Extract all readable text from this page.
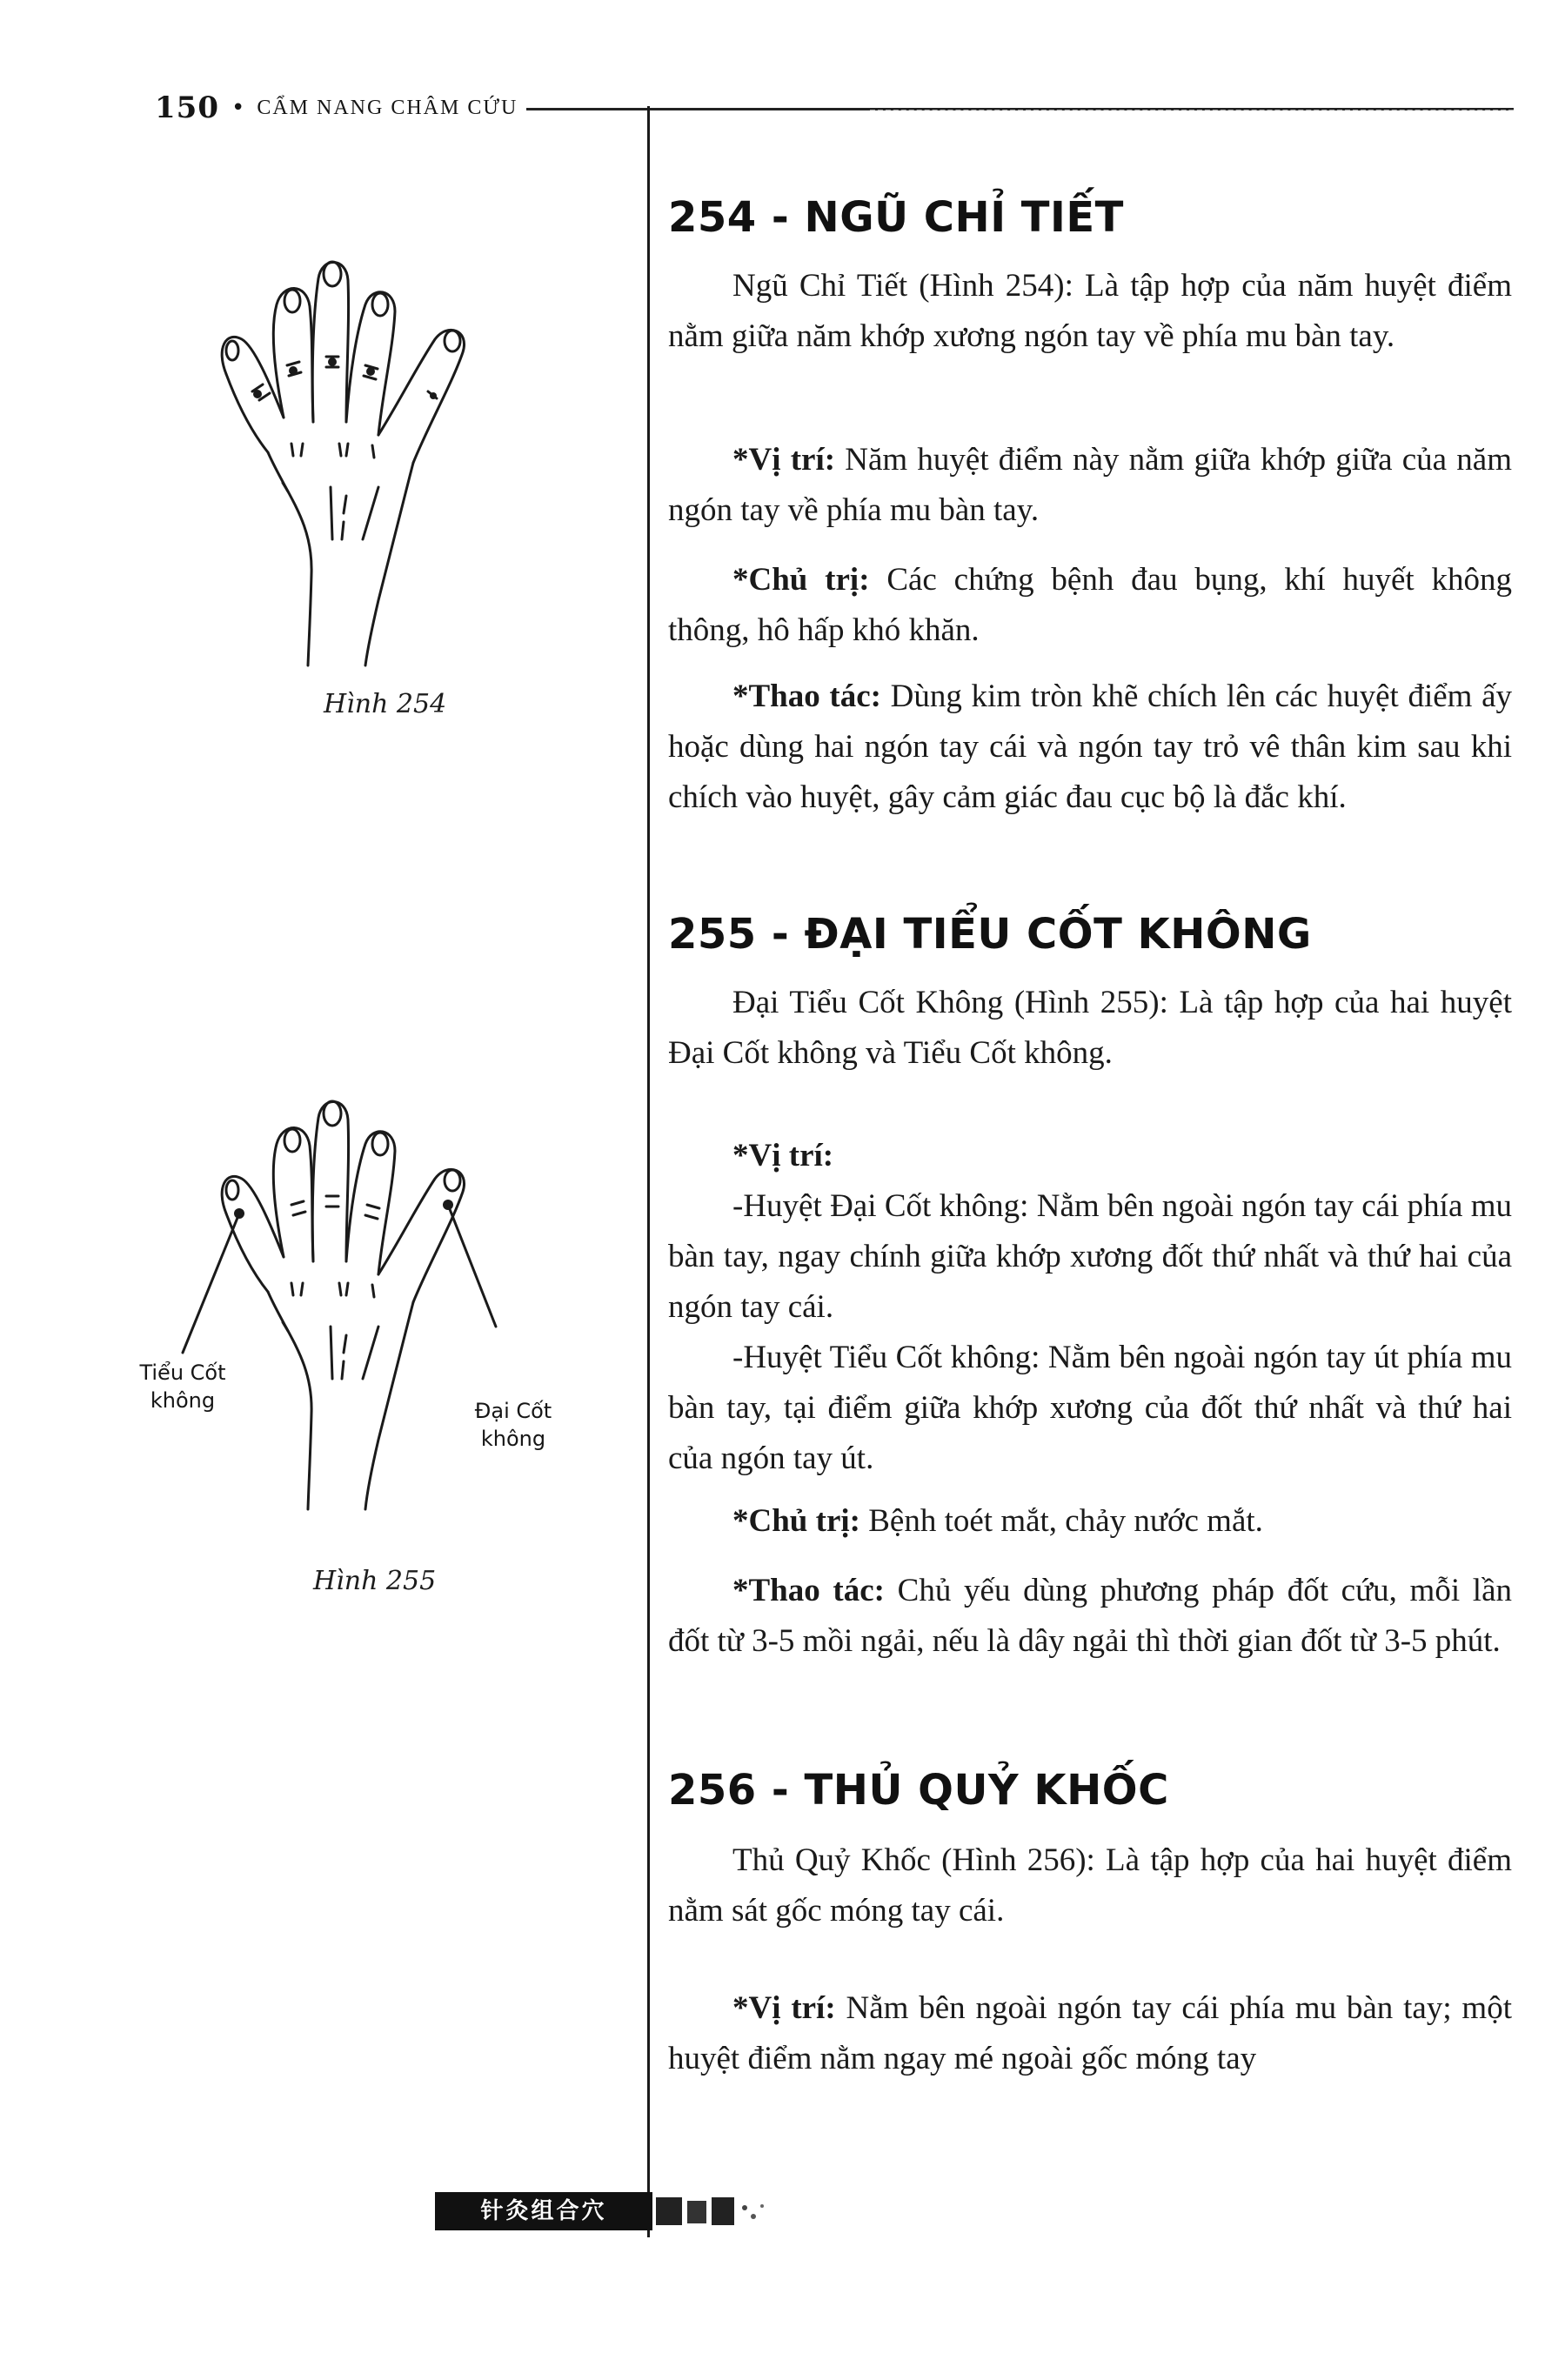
150 • CẨM NANG CHÂM CỨU
Hình 254
Tiểu Cốt
không	Đại Cốt
không
Hình 255
254 - NGŨ CHỈ TIẾT

Ngũ Chỉ Tiết (Hình 254): Là tập hợp của năm huyệt điểm nằm giữa năm khớp xương ngón tay về phía mu bàn tay.

*Vị trí: Năm huyệt điểm này nằm giữa khớp giữa của năm ngón tay về phía mu bàn tay.

*Chủ trị: Các chứng bệnh đau bụng, khí huyết không thông, hô hấp khó khăn.

*Thao tác: Dùng kim tròn khẽ chích lên các huyệt điểm ấy hoặc dùng hai ngón tay cái và ngón tay trỏ vê thân kim sau khi chích vào huyệt, gây cảm giác đau cục bộ là đắc khí.

255 - ĐẠI TIỂU CỐT KHÔNG

Đại Tiểu Cốt Không (Hình 255): Là tập hợp của hai huyệt Đại Cốt không và Tiểu Cốt không.

*Vị trí:

-Huyệt Đại Cốt không: Nằm bên ngoài ngón tay cái phía mu bàn tay, ngay chính giữa khớp xương đốt thứ nhất và thứ hai của ngón tay cái.

-Huyệt Tiểu Cốt không: Nằm bên ngoài ngón tay út phía mu bàn tay, tại điểm giữa khớp xương của đốt thứ nhất và thứ hai của ngón tay út.

*Chủ trị: Bệnh toét mắt, chảy nước mắt.

*Thao tác: Chủ yếu dùng phương pháp đốt cứu, mỗi lần đốt từ 3-5 mồi ngải, nếu là dây ngải thì thời gian đốt từ 3-5 phút.

256 - THỦ QUỶ KHỐC

Thủ Quỷ Khốc (Hình 256): Là tập hợp của hai huyệt điểm nằm sát gốc móng tay cái.

*Vị trí: Nằm bên ngoài ngón tay cái phía mu bàn tay; một huyệt điểm nằm ngay mé ngoài gốc móng tay

针灸组合穴
